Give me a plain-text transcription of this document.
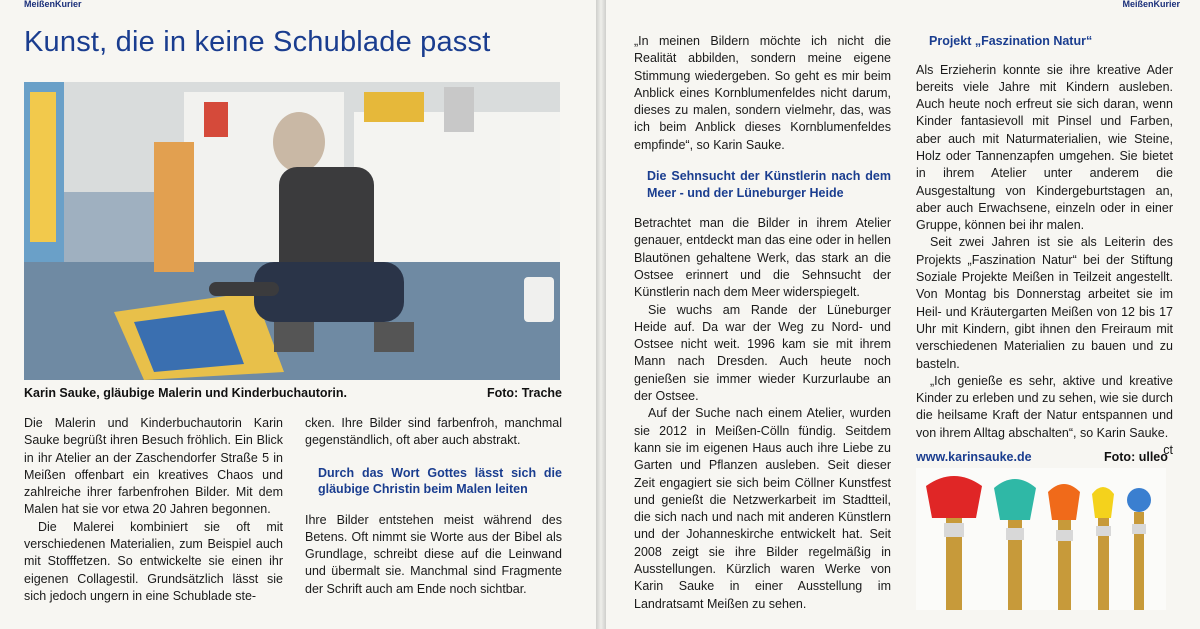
MeißenKurier
Kunst, die in keine Schublade passt
Karin Sauke, gläubige Malerin und Kinderbuchautorin.	Foto: Trache

Die Malerin und Kinderbuchautorin Karin Sauke begrüßt ihren Besuch fröhlich. Ein Blick in ihr Atelier an der Zaschendorfer Straße 5 in Meißen offenbart ein kreatives Chaos und zahlreiche ihrer farbenfrohen Bilder. Mit dem Malen hat sie vor etwa 20 Jahren begonnen.

Die Malerei kombiniert sie oft mit verschiedenen Materialien, zum Beispiel auch mit Stofffetzen. So entwickelte sie einen ihr eigenen Collagestil. Grundsätzlich lässt sie sich jedoch ungern in eine Schublade ste-

cken. Ihre Bilder sind farbenfroh, manchmal gegenständlich, oft aber auch abstrakt.

Durch das Wort Gottes lässt sich die gläubige Christin beim Malen leiten

Ihre Bilder entstehen meist während des Betens. Oft nimmt sie Worte aus der Bibel als Grundlage, schreibt diese auf die Leinwand und übermalt sie. Manchmal sind Fragmente der Schrift auch am Ende noch sichtbar.

MeißenKurier

„In meinen Bildern möchte ich nicht die Realität abbilden, sondern meine eigene Stimmung wiedergeben. So geht es mir beim Anblick eines Kornblumenfeldes nicht darum, dieses zu malen, sondern vielmehr, das, was ich beim Anblick dieses Kornblumenfeldes empfinde“, so Karin Sauke.

Die Sehnsucht der Künstlerin nach dem Meer - und der Lüneburger Heide

Betrachtet man die Bilder in ihrem Atelier genauer, entdeckt man das eine oder in hellen Blautönen gehaltene Werk, das stark an die Ostsee erinnert und die Sehnsucht der Künstlerin nach dem Meer widerspiegelt.

Sie wuchs am Rande der Lüneburger Heide auf. Da war der Weg zu Nord- und Ostsee nicht weit. 1996 kam sie mit ihrem Mann nach Dresden. Auch heute noch genießen sie immer wieder Kurzurlaube an der Ostsee.

Auf der Suche nach einem Atelier, wurden sie 2012 in Meißen-Cölln fündig. Seitdem kann sie im eigenen Haus auch ihre Liebe zu Garten und Pflanzen ausleben. Seit dieser Zeit engagiert sie sich beim Cöllner Kunstfest und genießt die Netzwerkarbeit im Stadtteil, die sich nach und nach mit anderen Künstlern und der Johanneskirche entwickelt hat. Seit 2008 zeigt sie ihre Bilder regelmäßig in Ausstellungen. Kürzlich waren Werke von Karin Sauke in einer Ausstellung im Landratsamt Meißen zu sehen.

Projekt „Faszination Natur“

Als Erzieherin konnte sie ihre kreative Ader bereits viele Jahre mit Kindern ausleben. Auch heute noch erfreut sie sich daran, wenn Kinder fantasievoll mit Pinsel und Farben, aber auch mit Naturmaterialien, wie Steine, Holz oder Tannenzapfen umgehen. Sie bietet in ihrem Atelier unter anderem die Ausgestaltung von Kindergeburtstagen an, aber auch Erwachsene, einzeln oder in einer Gruppe, können bei ihr malen.

Seit zwei Jahren ist sie als Leiterin des Projekts „Faszination Natur“ bei der Stiftung Soziale Projekte Meißen in Teilzeit angestellt. Von Montag bis Donnerstag arbeitet sie im Heil- und Kräutergarten Meißen von 12 bis 17 Uhr mit Kindern, gibt ihnen den Freiraum mit verschiedenen Materialien zu bauen und zu basteln.

„Ich genieße es sehr, aktive und kreative Kinder zu erleben und zu sehen, wie sie durch die heilsame Kraft der Natur entspannen und von ihrem Alltag abschalten“, so Karin Sauke.

ct

www.karinsauke.de	Foto: ulleo
